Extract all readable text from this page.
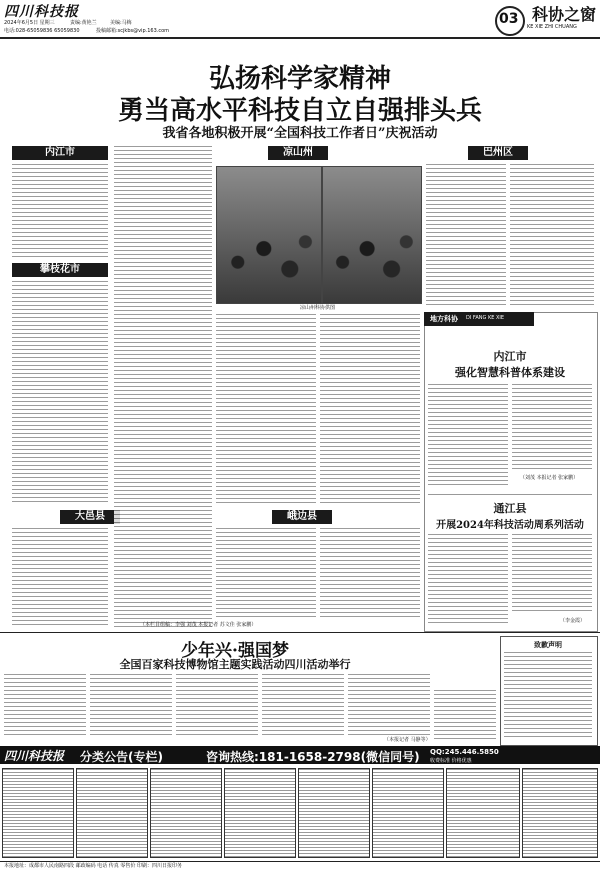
四川科技报
2024年6月5日 星期三	责编:黄艳兰	美编:马梅
电话:028-65059836 65059830	投稿邮箱:scjkbs@vip.163.com
03 科协之窗
KE XIE ZHI CHUANG
弘扬科学家精神
勇当高水平科技自立自强排头兵
我省各地积极开展“全国科技工作者日”庆祝活动
内江市
攀枝花市
大邑县
凉山州
凉山州科协供图
峨边县
（本栏目组稿：李强 刘茂 本报记者 苏文佳 张家鹏）
巴州区
地方科协 DI FANG KE XIE
内江市
强化智慧科普体系建设
（刘茂 本报记者 张家鹏）
通江县
开展2024年科技活动周系列活动
（李金霞）
少年兴·强国梦
全国百家科技博物馆主题实践活动四川活动举行
（本报记者 马静等）
致歉声明
四川科技报 分类公告(专栏)	咨询热线:181-1658-2798(微信同号) QQ:245.446.5850
收费标准 价格优惠
本报地址：成都市人民南路四段 邮政编码 电话 传真 零售价 印刷：四川日报印务
